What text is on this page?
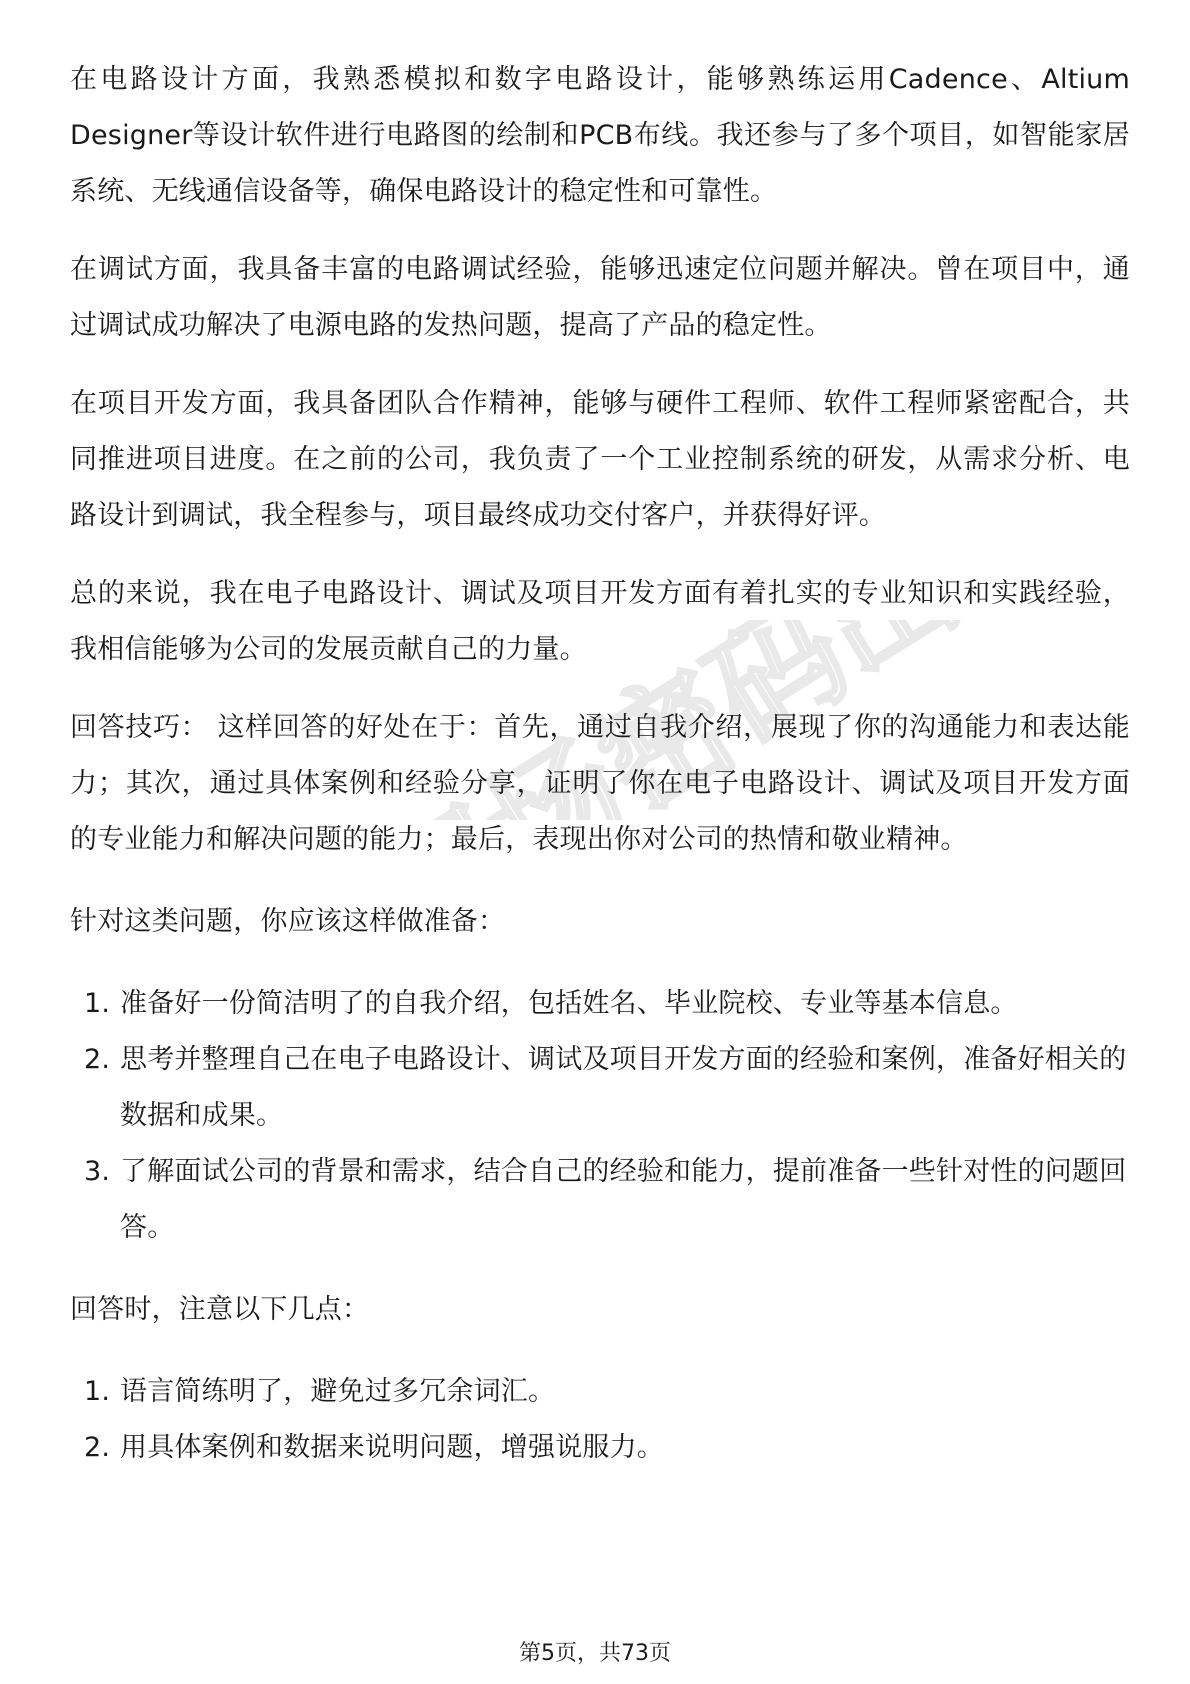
在电路设计方面，我熟悉模拟和数字电路设计，能够熟练运用Cadence、Altium Designer等设计软件进行电路图的绘制和PCB布线。我还参与了多个项目，如智能家居系统、无线通信设备等，确保电路设计的稳定性和可靠性。

在调试方面，我具备丰富的电路调试经验，能够迅速定位问题并解决。曾在项目中，通过调试成功解决了电源电路的发热问题，提高了产品的稳定性。

在项目开发方面，我具备团队合作精神，能够与硬件工程师、软件工程师紧密配合，共同推进项目进度。在之前的公司，我负责了一个工业控制系统的研发，从需求分析、电路设计到调试，我全程参与，项目最终成功交付客户，并获得好评。

总的来说，我在电子电路设计、调试及项目开发方面有着扎实的专业知识和实践经验，我相信能够为公司的发展贡献自己的力量。

回答技巧： 这样回答的好处在于：首先，通过自我介绍，展现了你的沟通能力和表达能力；其次，通过具体案例和经验分享，证明了你在电子电路设计、调试及项目开发方面的专业能力和解决问题的能力；最后，表现出你对公司的热情和敬业精神。

针对这类问题，你应该这样做准备：

1. 准备好一份简洁明了的自我介绍，包括姓名、毕业院校、专业等基本信息。
2. 思考并整理自己在电子电路设计、调试及项目开发方面的经验和案例，准备好相关的数据和成果。
3. 了解面试公司的背景和需求，结合自己的经验和能力，提前准备一些针对性的问题回答。

回答时，注意以下几点：

1. 语言简练明了，避免过多冗余词汇。
2. 用具体案例和数据来说明问题，增强说服力。
第5页，共73页
